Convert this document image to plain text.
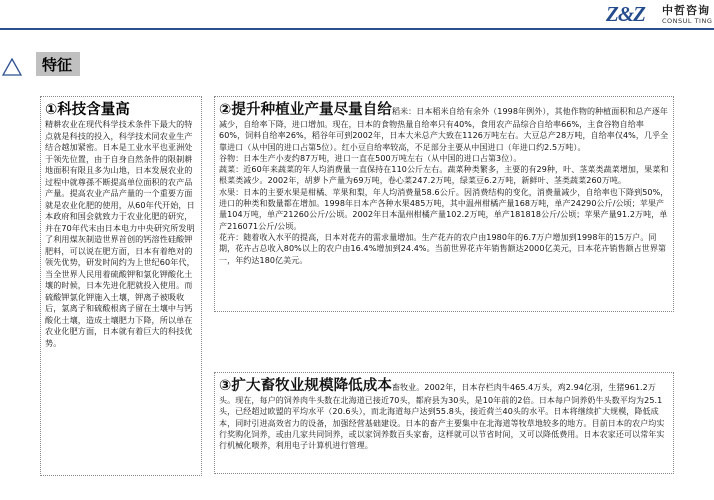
Z&Z	中哲咨询
CONSUL TING
特征
①科技含量高
精耕农业在现代科学技术条件下最大的特点就是科技的投入，科学技术同农业生产结合越加紧密。日本是工业水平也亚洲处于领先位置，由于自身自然条件的限制耕地面积有限且多为山地，日本发展农业的过程中就尊孫不断提高单位面积的农产品产量。提高农业产品产量的一个重要方面就是农业化肥的使用，从60年代开始，日本政府和国会就致力于农业化肥的研究，并在70年代末由日本电力中央研究所发明了利用煤灰制造世界首创的钙溶性硅酸钾肥料，可以说在肥方面，日本有着绝对的领先优势，研发时间约为上世纪60年代，当全世界人民用着硫酸钾和氯化钾酸化土壤的时候，日本先进化肥就投入使用。而硫酸钾氯化钾施入土壤，钾离子被吸收后，氯离子和硫酸根离子留在土壤中与钙酸化土壤，造成土壤肥力下降，所以单在农业化肥方面，日本就有着巨大的科技优势。
②提升种植业产量尽量自给稻米：日本稻米自给有余外（1998年例外），其他作物的种植面积和总产逐年减少，自给率下降，进口增加。现在，日本的食物热量自给率只有40%，食用农产品综合自给率66%，主食谷物自给率60%，饲料自给率26%，稻谷年可到2002年，日本大米总产大致在1126万吨左右。大豆总产28万吨，自给率仅4%，几乎全靠进口（从中国的进口占第5位）。红小豆自给率较高，不足部分主要从中国进口（年进口约2.5万吨）。
谷物：日本生产小麦约87万吨，进口一直在500万吨左右（从中国的进口占第3位）。
蔬菜：近60年来蔬菜的年人均消费量一直保持在110公斤左右。蔬菜种类繁多，主要的有29种，叶、茎菜类蔬菜增加，果菜和根菜类减少。2002年，胡萝卜产量为69万吨，卷心菜247.2万吨，绿菜豆6.2万吨，新鲜叶、茎类蔬菜260万吨。
水果：日本的主要水果是柑橘、苹果和梨，年人均消费量58.6公斤。因消费结构的变化，消费量减少，自给率也下降到50%，进口的种类和数量都在增加。1998年日本产各种水果485万吨，其中温州柑橘产量168万吨，单产24290公斤/公顷；苹果产量104万吨，单产21260公斤/公顷。2002年日本温州柑橘产量102.2万吨，单产181818公斤/公顷；苹果产量91.2万吨，单产216071公斤/公顷。
花卉：随着收入水平的提高，日本对花卉的需求量增加。生产花卉的农户由1980年的6.7万户增加到1998年的15万户。同期，花卉占总收入80%以上的农户由16.4%增加到24.4%。当前世界花卉年销售额达2000亿美元，日本花卉销售额占世界第一，年约达180亿美元。
③扩大畜牧业规模降低成本畜牧业。2002年，日本存栏肉牛465.4万头，鸡2.94亿羽，生猪961.2万头。现在，每户的饲养肉牛头数在北海道已接近70头，都府县为30头，是10年前的2倍。日本每户饲养奶牛头数平均为25.1头，已经超过欧盟的平均水平（20.6头），而北海道每户达到55.8头，接近荷兰40头的水平。日本将继续扩大规模，降低成本，同时引进高效省力的设备，加强经营基础建设。日本的畜产主要集中在北海道等牧草地较多的地方。目前日本的农户均实行奖购化饲养，或由几家共同饲养，或以家饲养数百头家畜，这样就可以节省时间，又可以降低费用。日本农家还可以常年实行机械化喂养，利用电子计算机进行管理。
